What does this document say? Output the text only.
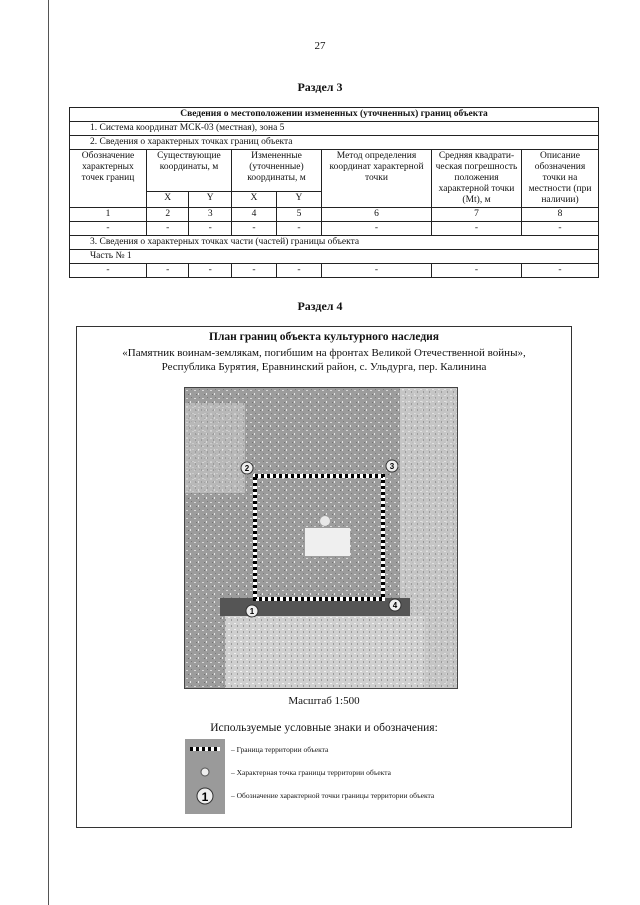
27
Раздел 3
Сведения о местоположении измененных (уточненных) границ объекта							
1. Система координат МСК-03 (местная), зона 5							
2. Сведения о характерных точках границ объекта							
Обозначение характерных точек границ	Существующие координаты, м		Измененные (уточненные) координаты, м		Метод определения координат характерной точки	Средняя квадрати-ческая погрешность положения характерной точки (Mt), м	Описание обозначения точки на местности (при наличии)
	X	Y	X	Y			
1	2	3	4	5	6	7	8
-	-	-	-	-	-	-	-
3. Сведения о характерных точках части (частей) границы объекта							
Часть № 1							
-	-	-	-	-	-	-	-
Раздел 4
План границ объекта культурного наследия
«Памятник воинам-землякам, погибшим на фронтах Великой Отечественной войны»,
Республика Бурятия, Еравнинский район, с. Ульдурга, пер. Калинина
1
2	3
4
Масштаб 1:500
Используемые условные знаки и обозначения:
1
– Граница территории объекта
– Характерная точка границы территории объекта
– Обозначение характерной точки границы территории объекта
